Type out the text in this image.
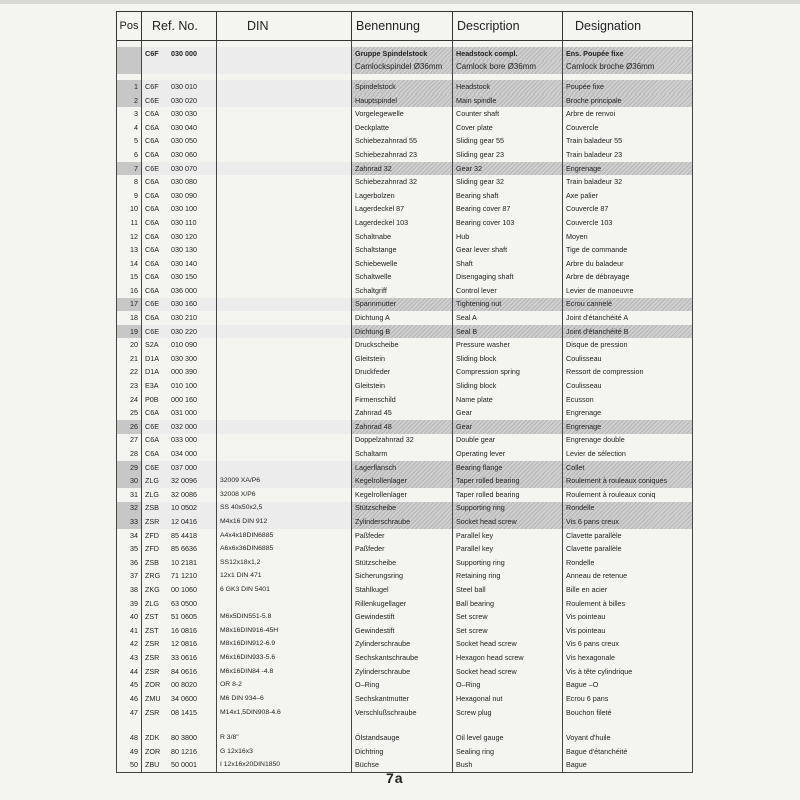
Pos	Ref. No.	DIN	Benennung	Description	Designation

	C6F 030 000		Gruppe Spindelstock	Headstock compl.	Ens. Poupée fixe
			Camlockspindel Ø36mm	Camlock bore Ø36mm	Camlock broche Ø36mm

1	C6F 030 010		Spindelstock	Headstock	Poupée fixe
2	C6E 030 020		Hauptspindel	Main spindle	Broche principale
3	C6A 030 030		Vorgelegewelle	Counter shaft	Arbre de renvoi
4	C6A 030 040		Deckplatte	Cover plate	Couvercle
5	C6A 030 050		Schiebezahnrad 55	Sliding gear 55	Train baladeur 55
6	C6A 030 060		Schiebezahnrad 23	Sliding gear 23	Train baladeur 23
7	C6E 030 070		Zahnrad 32	Gear 32	Engrenage
8	C6A 030 080		Schiebezahnrad 32	Sliding gear 32	Train baladeur 32
9	C6A 030 090		Lagerbolzen	Bearing shaft	Axe palier
10	C6A 030 100		Lagerdeckel 87	Bearing cover 87	Couvercle 87
11	C6A 030 110		Lagerdeckel 103	Bearing cover 103	Couvercle 103
12	C6A 030 120		Schaltnabe	Hub	Moyen
13	C6A 030 130		Schaltstange	Gear lever shaft	Tige de commande
14	C6A 030 140		Schiebewelle	Shaft	Arbre du baladeur
15	C6A 030 150		Schaltwelle	Disengaging shaft	Arbre de débrayage
16	C6A 036 000		Schaltgriff	Control lever	Levier de manoeuvre
17	C6E 030 160		Spannmutter	Tightening nut	Ecrou cannelé
18	C6A 030 210		Dichtung A	Seal A	Joint d'étanchéité A
19	C6E 030 220		Dichtung B	Seal B	Joint d'étanchéité B
20	S2A 010 090		Druckscheibe	Pressure washer	Disque de pression
21	D1A 030 300		Gleitstein	Sliding block	Coulisseau
22	D1A 000 390		Druckfeder	Compression spring	Ressort de compression
23	E3A 010 100		Gleitstein	Sliding block	Coulisseau
24	P0B 000 160		Firmenschild	Name plate	Ecusson
25	C6A 031 000		Zahnrad 45	Gear	Engrenage
26	C6E 032 000		Zahnrad 48	Gear	Engrenage
27	C6A 033 000		Doppelzahnrad 32	Double gear	Engrenage double
28	C6A 034 000		Schaltarm	Operating lever	Levier de sélection
29	C6E 037 000		Lagerflansch	Bearing flange	Collet
30	ZLG 32 0096	32009 XA/P6	Kegelrollenlager	Taper rolled bearing	Roulement à rouleaux coniques
31	ZLG 32 0086	32008 X/P6	Kegelrollenlager	Taper rolled bearing	Roulement à rouleaux coniq
32	ZSB 10 0502	SS 40x50x2,5	Stützscheibe	Supporting ring	Rondelle
33	ZSR 12 0416	M4x16 DIN 912	Zylinderschraube	Socket head screw	Vis 6 pans creux
34	ZFD 85 4418	A4x4x18DIN6885	Paßfeder	Parallel key	Clavette parallèle
35	ZFD 85 6636	A6x6x36DIN6885	Paßfeder	Parallel key	Clavette parallèle
36	ZSB 10 2181	SS12x18x1,2	Stützscheibe	Supporting ring	Rondelle
37	ZRG 71 1210	12x1 DIN 471	Sicherungsring	Retaining ring	Anneau de retenue
38	ZKG 00 1060	6 GK3 DIN 5401	Stahlkugel	Steel ball	Bille en acier
39	ZLG 63 0500		Rillenkugellager	Ball bearing	Roulement à billes
40	ZST 51 0605	M6x5DIN551-5.8	Gewindestift	Set screw	Vis pointeau
41	ZST 16 0816	M8x16DIN916-45H	Gewindestift	Set screw	Vis pointeau
42	ZSR 12 0816	M8x16DIN912-6.9	Zylinderschraube	Socket head screw	Vis 6 pans creux
43	ZSR 33 0616	M6x16DIN933-5.6	Sechskantschraube	Hexagon head screw	Vis hexagonale
44	ZSR 84 0616	M6x16DIN84 -4.8	Zylinderschraube	Socket head screw	Vis à tête cylindrique
45	ZOR 00 8020	OR 8-2	O–Ring	O–Ring	Bague –O
46	ZMU 34 0600	M6 DIN 934–6	Sechskantmutter	Hexagonal nut	Ecrou 6 pans
47	ZSR 08 1415	M14x1,5DIN908-4.6	Verschlußschraube	Screw plug	Bouchon fileté
48	ZDK 80 3800	R 3/8"	Ölstandsauge	Oil level gauge	Voyant d'huile
49	ZOR 80 1216	G 12x16x3	Dichtring	Sealing ring	Bague d'étanchéité
50	ZBU 50 0001	I 12x16x20DIN1850	Büchse	Bush	Bague
7a
